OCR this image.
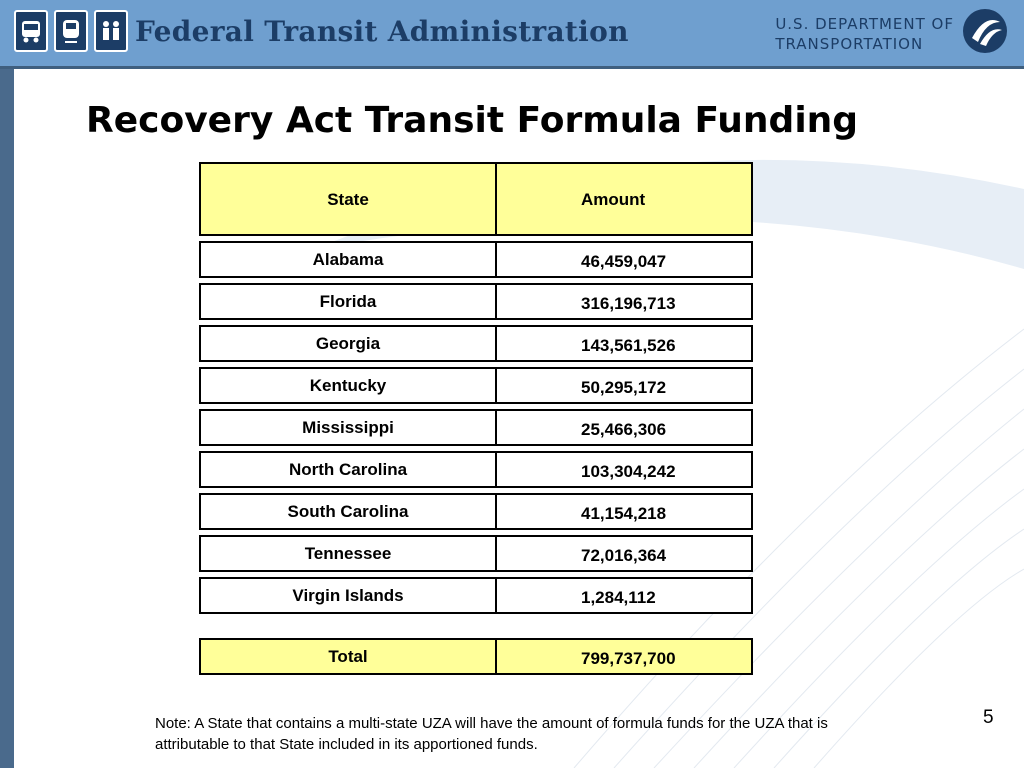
Federal Transit Administration	U.S. DEPARTMENT OF
TRANSPORTATION
Recovery Act Transit Formula Funding
State	Amount
Alabama	46,459,047
Florida	316,196,713
Georgia	143,561,526
Kentucky	50,295,172
Mississippi	25,466,306
North Carolina	103,304,242
South Carolina	41,154,218
Tennessee	72,016,364
Virgin Islands	1,284,112
Total	799,737,700
Note: A State that contains a multi-state UZA will have the amount of formula funds for the UZA that is attributable to that State included in its apportioned funds.
5
